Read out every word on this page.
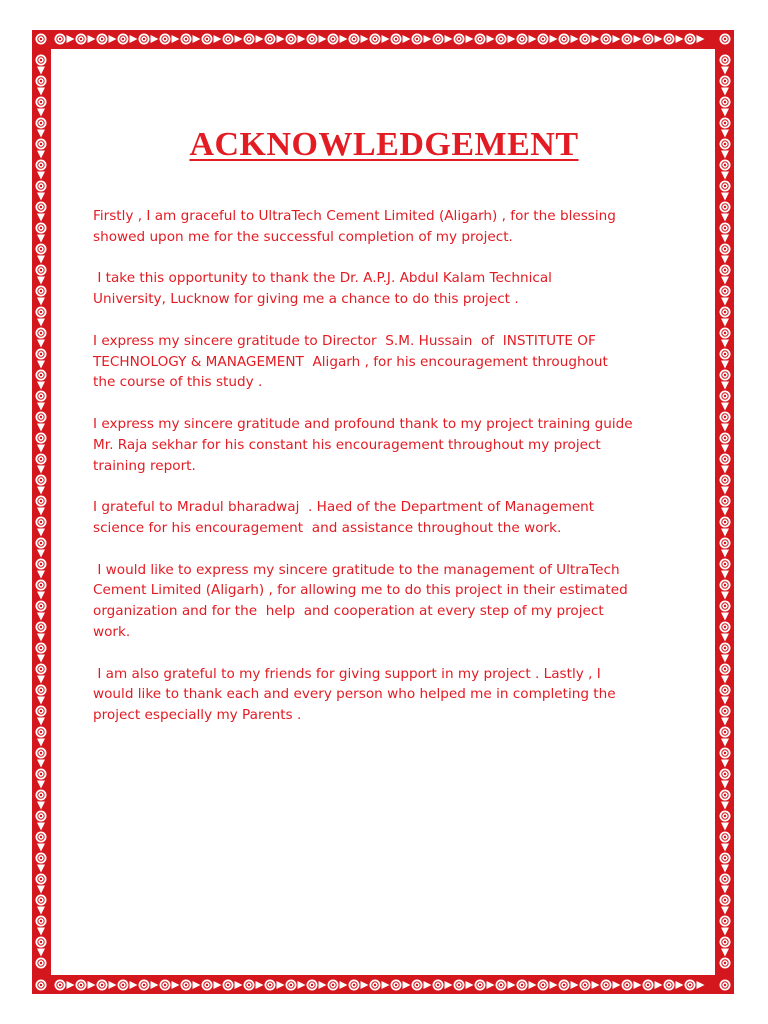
ACKNOWLEDGEMENT

Firstly , I am graceful to UltraTech Cement Limited (Aligarh) , for the blessing
showed upon me for the successful completion of my project.

I take this opportunity to thank the Dr. A.P.J. Abdul Kalam Technical
University, Lucknow for giving me a chance to do this project .

I express my sincere gratitude to Director  S.M. Hussain  of  INSTITUTE OF
TECHNOLOGY & MANAGEMENT  Aligarh , for his encouragement throughout
the course of this study .

I express my sincere gratitude and profound thank to my project training guide
Mr. Raja sekhar for his constant his encouragement throughout my project
training report.

I grateful to Mradul bharadwaj  . Haed of the Department of Management
science for his encouragement  and assistance throughout the work.

I would like to express my sincere gratitude to the management of UltraTech
Cement Limited (Aligarh) , for allowing me to do this project in their estimated
organization and for the  help  and cooperation at every step of my project
work.

I am also grateful to my friends for giving support in my project . Lastly , I
would like to thank each and every person who helped me in completing the
project especially my Parents .
